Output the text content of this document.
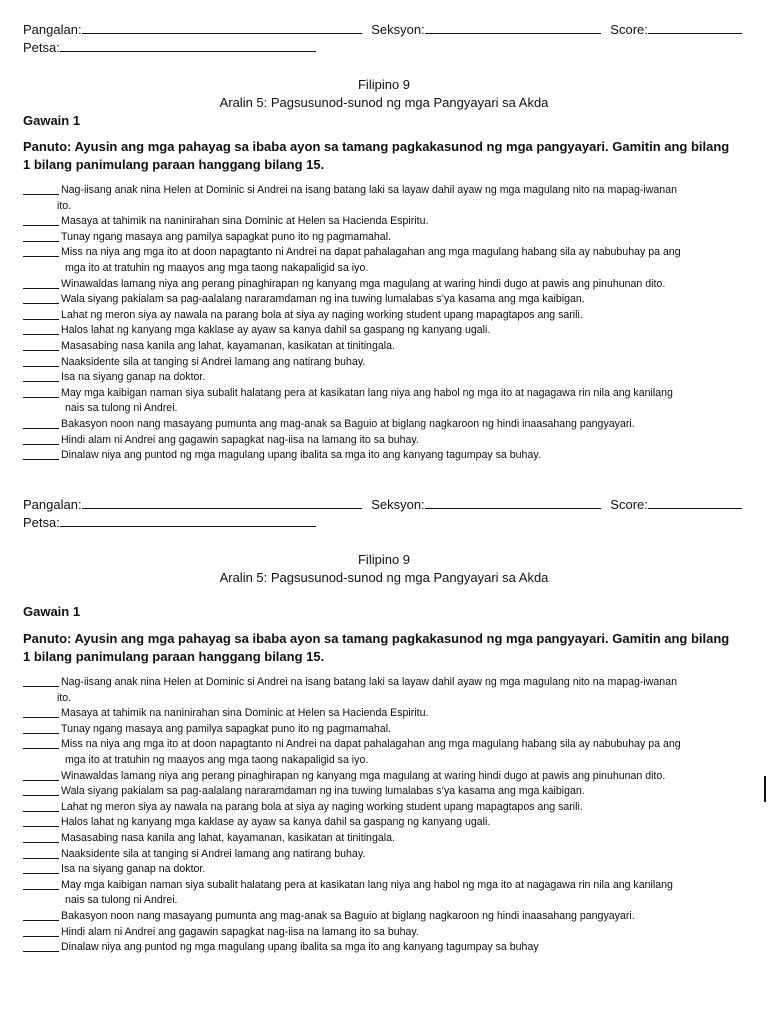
Pangalan:	Seksyon:	Score:
Petsa:
Filipino 9
Aralin 5: Pagsusunod-sunod ng mga Pangyayari sa Akda
Gawain 1
Panuto: Ayusin ang mga pahayag sa ibaba ayon sa tamang pagkakasunod ng mga pangyayari. Gamitin ang bilang 1 bilang panimulang paraan hanggang bilang 15.
Nag-iisang anak nina Helen at Dominic si Andrei na isang batang laki sa layaw dahil ayaw ng mga magulang nito na mapag-iwanan
ito.
Masaya at tahimik na naninirahan sina Dominic at Helen sa Hacienda Espiritu.
Tunay ngang masaya ang pamilya sapagkat puno ito ng pagmamahal.
Miss na niya ang mga ito at doon napagtanto ni Andrei na dapat pahalagahan ang mga magulang habang sila ay nabubuhay pa ang
mga ito at tratuhin ng maayos ang mga taong nakapaligid sa iyo.
Winawaldas lamang niya ang perang pinaghirapan ng kanyang mga magulang at waring hindi dugo at pawis ang pinuhunan dito.
Wala siyang pakialam sa pag-aalalang nararamdaman ng ina tuwing lumalabas s’ya kasama ang mga kaibigan.
Lahat ng meron siya ay nawala na parang bola at siya ay naging working student upang mapagtapos ang sarili.
Halos lahat ng kanyang mga kaklase ay ayaw sa kanya dahil sa gaspang ng kanyang ugali.
Masasabing nasa kanila ang lahat, kayamanan, kasikatan at tinitingala.
Naaksidente sila at tanging si Andrei lamang ang natirang buhay.
Isa na siyang ganap na doktor.
May mga kaibigan naman siya subalit halatang pera at kasikatan lang niya ang habol ng mga ito at nagagawa rin nila ang kanilang
nais sa tulong ni Andrei.
Bakasyon noon nang masayang pumunta ang mag-anak sa Baguio at biglang nagkaroon ng hindi inaasahang pangyayari.
Hindi alam ni Andrei ang gagawin sapagkat nag-iisa na lamang ito sa buhay.
Dinalaw niya ang puntod ng mga magulang upang ibalita sa mga ito ang kanyang tagumpay sa buhay.
Pangalan:	Seksyon:	Score:
Petsa:
Filipino 9
Aralin 5: Pagsusunod-sunod ng mga Pangyayari sa Akda
Gawain 1
Panuto: Ayusin ang mga pahayag sa ibaba ayon sa tamang pagkakasunod ng mga pangyayari. Gamitin ang bilang 1 bilang panimulang paraan hanggang bilang 15.
Nag-iisang anak nina Helen at Dominic si Andrei na isang batang laki sa layaw dahil ayaw ng mga magulang nito na mapag-iwanan
ito.
Masaya at tahimik na naninirahan sina Dominic at Helen sa Hacienda Espiritu.
Tunay ngang masaya ang pamilya sapagkat puno ito ng pagmamahal.
Miss na niya ang mga ito at doon napagtanto ni Andrei na dapat pahalagahan ang mga magulang habang sila ay nabubuhay pa ang
mga ito at tratuhin ng maayos ang mga taong nakapaligid sa iyo.
Winawaldas lamang niya ang perang pinaghirapan ng kanyang mga magulang at waring hindi dugo at pawis ang pinuhunan dito.
Wala siyang pakialam sa pag-aalalang nararamdaman ng ina tuwing lumalabas s’ya kasama ang mga kaibigan.
Lahat ng meron siya ay nawala na parang bola at siya ay naging working student upang mapagtapos ang sarili.
Halos lahat ng kanyang mga kaklase ay ayaw sa kanya dahil sa gaspang ng kanyang ugali.
Masasabing nasa kanila ang lahat, kayamanan, kasikatan at tinitingala.
Naaksidente sila at tanging si Andrei lamang ang natirang buhay.
Isa na siyang ganap na doktor.
May mga kaibigan naman siya subalit halatang pera at kasikatan lang niya ang habol ng mga ito at nagagawa rin nila ang kanilang
nais sa tulong ni Andrei.
Bakasyon noon nang masayang pumunta ang mag-anak sa Baguio at biglang nagkaroon ng hindi inaasahang pangyayari.
Hindi alam ni Andrei ang gagawin sapagkat nag-iisa na lamang ito sa buhay.
Dinalaw niya ang puntod ng mga magulang upang ibalita sa mga ito ang kanyang tagumpay sa buhay
